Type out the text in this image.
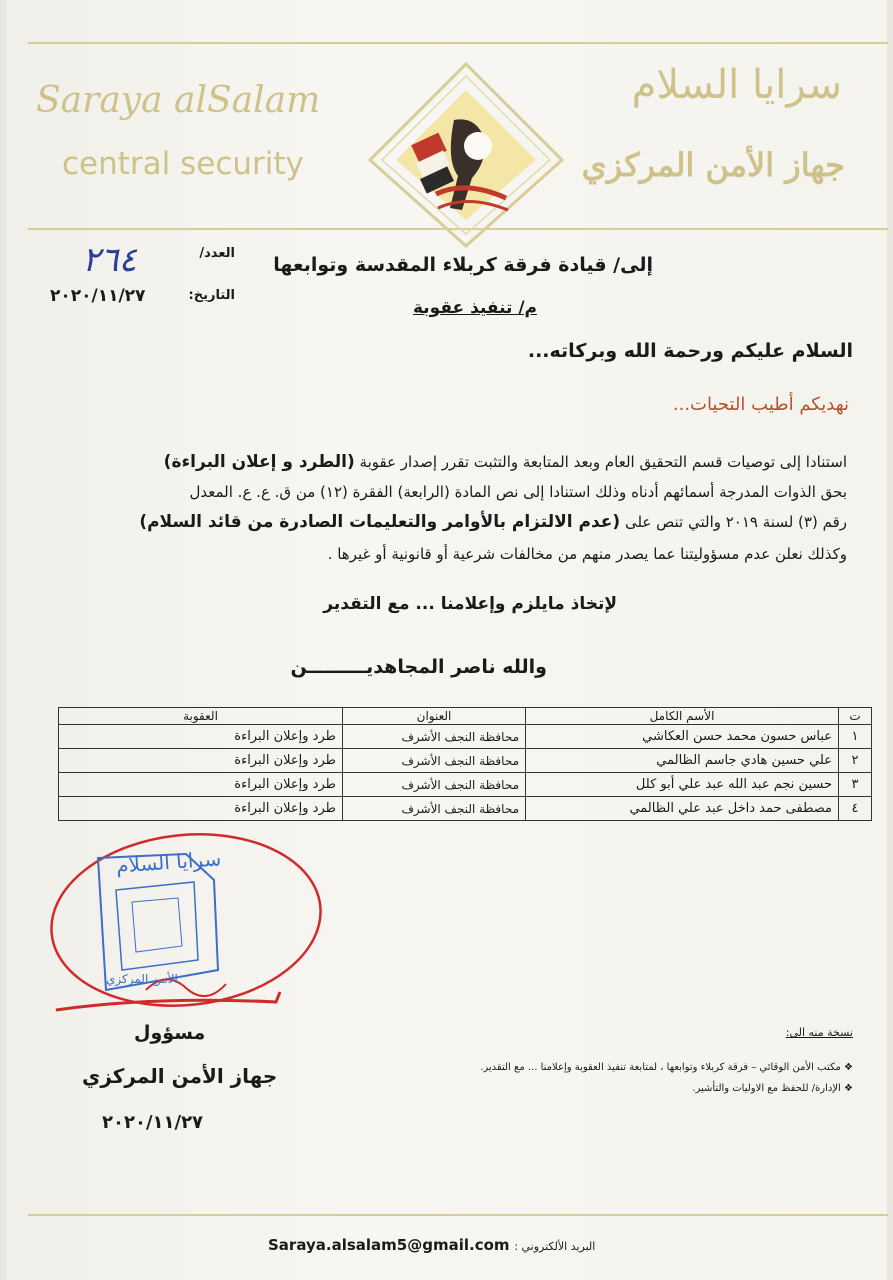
Saraya alSalam
central security
سرايا السلام
جهاز الأمن المركزي
العدد/
٢٦٤
التاريخ:
٢٠٢٠/١١/٢٧
إلى/ قيادة فرقة كربلاء المقدسة وتوابعها
م/ تنفيذ عقوبة
السلام عليكم ورحمة الله وبركاته...
نهديكم أطيب التحيات...
استنادا إلى توصيات قسم التحقيق العام وبعد المتابعة والتثبت تقرر إصدار عقوبة (الطرد و إعلان البراءة)
بحق الذوات المدرجة أسمائهم أدناه وذلك استنادا إلى نص المادة (الرابعة) الفقرة (١٢) من ق. ع. ع. المعدل
رقم (٣) لسنة ٢٠١٩ والتي تنص على (عدم الالتزام بالأوامر والتعليمات الصادرة من قائد السلام)
وكذلك نعلن عدم مسؤوليتنا عما يصدر منهم من مخالفات شرعية أو قانونية أو غيرها .
لإتخاذ مايلزم وإعلامنا ... مع التقدير
والله ناصر المجاهديـــــــــن
ت	الأسم الكامل	العنوان	العقوبة
١	عباس حسون محمد حسن العكاشي	محافظة النجف الأشرف	طرد وإعلان البراءة
٢	علي حسين هادي جاسم الظالمي	محافظة النجف الأشرف	طرد وإعلان البراءة
٣	حسين نجم عبد الله عبد علي أبو كلل	محافظة النجف الأشرف	طرد وإعلان البراءة
٤	مصطفى حمد داخل عبد علي الظالمي	محافظة النجف الأشرف	طرد وإعلان البراءة
سرايا السلام
الأمن المركزي
مسؤول
جهاز الأمن المركزي
٢٠٢٠/١١/٢٧
نسخة منه الى:
❖ مكتب الأمن الوقائي – فرقة كربلاء وتوابعها ، لمتابعة تنفيذ العقوبة وإعلامنا ... مع التقدير.
❖ الإدارة/ للحفظ مع الاوليات والتأشير.
البريد الألكتروني : Saraya.alsalam5@gmail.com
